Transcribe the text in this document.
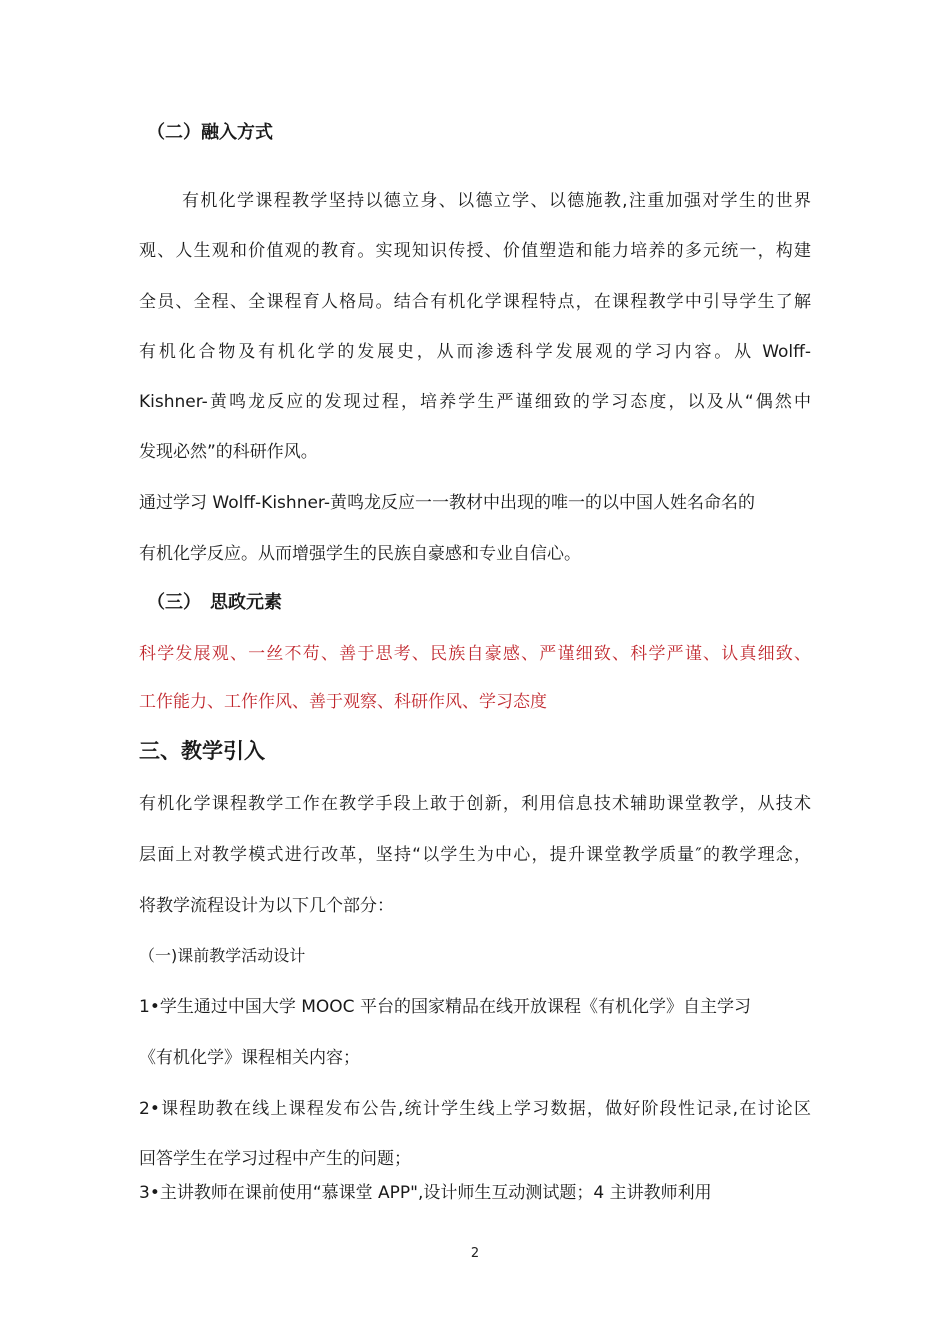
（二）融入方式
有机化学课程教学坚持以德立身、以德立学、以德施教,注重加强对学生的世界
观、人生观和价值观的教育。实现知识传授、价值塑造和能力培养的多元统一，构建
全员、全程、全课程育人格局。结合有机化学课程特点，在课程教学中引导学生了解
有机化合物及有机化学的发展史，从而渗透科学发展观的学习内容。从 Wolff-
Kishner-黄鸣龙反应的发现过程，培养学生严谨细致的学习态度，以及从“偶然中
发现必然”的科研作风。
通过学习 Wolff-Kishner-黄鸣龙反应一一教材中出现的唯一的以中国人姓名命名的
有机化学反应。从而增强学生的民族自豪感和专业自信心。
（三）　思政元素
科学发展观、一丝不苟、善于思考、民族自豪感、严谨细致、科学严谨、认真细致、
工作能力、工作作风、善于观察、科研作风、学习态度
三、教学引入
有机化学课程教学工作在教学手段上敢于创新，利用信息技术辅助课堂教学，从技术
层面上对教学模式进行改革，坚持“以学生为中心，提升课堂教学质量″的教学理念，
将教学流程设计为以下几个部分：
（一)课前教学活动设计
1•学生通过中国大学 MOOC 平台的国家精品在线开放课程《有机化学》自主学习
《有机化学》课程相关内容；
2•课程助教在线上课程发布公告,统计学生线上学习数据，做好阶段性记录,在讨论区
回答学生在学习过程中产生的问题；
3•主讲教师在课前使用“慕课堂 APP",设计师生互动测试题；4 主讲教师利用
2
